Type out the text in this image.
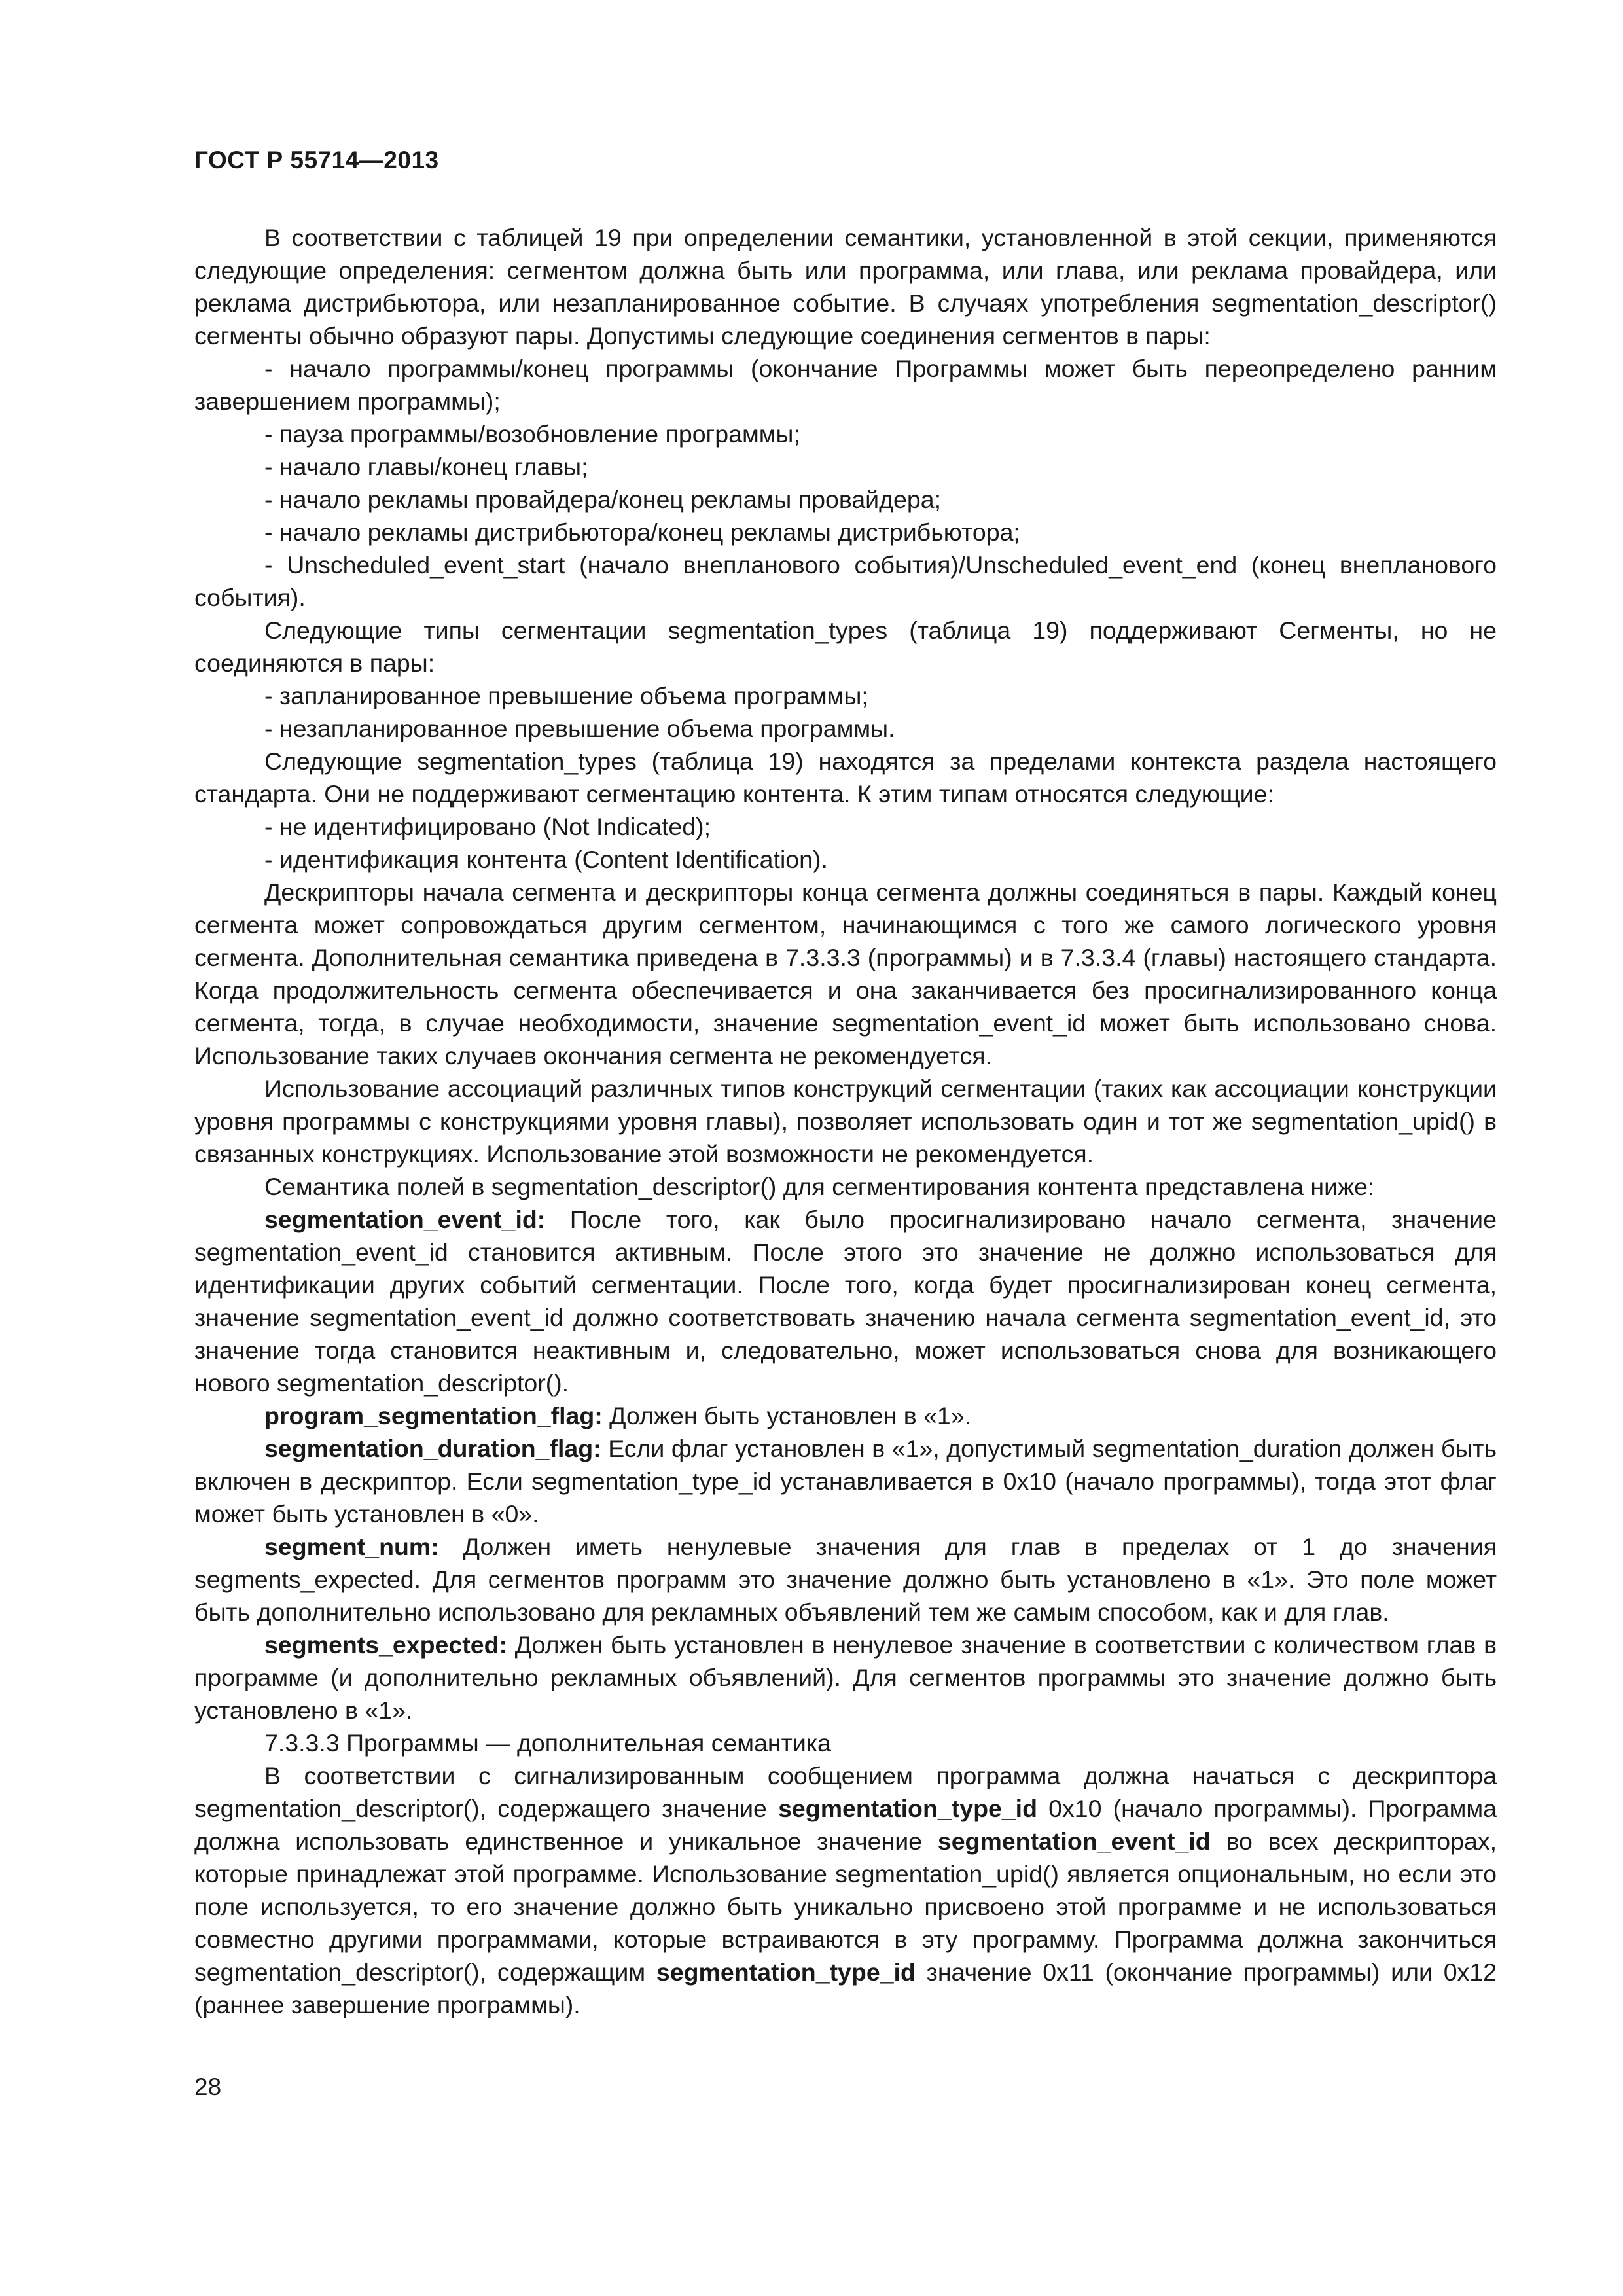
ГОСТ Р 55714—2013

В соответствии с таблицей 19 при определении семантики, установленной в этой секции, применяются следующие определения: сегментом должна быть или программа, или глава, или реклама провайдера, или реклама дистрибьютора, или незапланированное событие. В случаях употребления segmentation_descriptor() сегменты обычно образуют пары. Допустимы следующие соединения сегментов в пары:

- начало программы/конец программы (окончание Программы может быть переопределено ранним завершением программы);

- пауза программы/возобновление программы;

- начало главы/конец главы;

- начало рекламы провайдера/конец рекламы провайдера;

- начало рекламы дистрибьютора/конец рекламы дистрибьютора;

- Unscheduled_event_start (начало внепланового события)/Unscheduled_event_end (конец внепланового события).

Следующие типы сегментации segmentation_types (таблица 19) поддерживают Сегменты, но не соединяются в пары:

- запланированное превышение объема программы;

- незапланированное превышение объема программы.

Следующие segmentation_types (таблица 19) находятся за пределами контекста раздела настоящего стандарта. Они не поддерживают сегментацию контента. К этим типам относятся следующие:

- не идентифицировано (Not Indicated);

- идентификация контента (Content Identification).

Дескрипторы начала сегмента и дескрипторы конца сегмента должны соединяться в пары. Каждый конец сегмента может сопровождаться другим сегментом, начинающимся с того же самого логического уровня сегмента. Дополнительная семантика приведена в 7.3.3.3 (программы) и в 7.3.3.4 (главы) настоящего стандарта. Когда продолжительность сегмента обеспечивается и она заканчивается без просигнализированного конца сегмента, тогда, в случае необходимости, значение segmentation_event_id может быть использовано снова. Использование таких случаев окончания сегмента не рекомендуется.

Использование ассоциаций различных типов конструкций сегментации (таких как ассоциации конструкции уровня программы с конструкциями уровня главы), позволяет использовать один и тот же segmentation_upid() в связанных конструкциях. Использование этой возможности не рекомендуется.

Семантика полей в segmentation_descriptor() для сегментирования контента представлена ниже:

segmentation_event_id: После того, как было просигнализировано начало сегмента, значение segmentation_event_id становится активным. После этого это значение не должно использоваться для идентификации других событий сегментации. После того, когда будет просигнализирован конец сегмента, значение segmentation_event_id должно соответствовать значению начала сегмента segmentation_event_id, это значение тогда становится неактивным и, следовательно, может использоваться снова для возникающего нового segmentation_descriptor().

program_segmentation_flag: Должен быть установлен в «1».

segmentation_duration_flag: Если флаг установлен в «1», допустимый segmentation_duration должен быть включен в дескриптор. Если segmentation_type_id устанавливается в 0x10 (начало программы), тогда этот флаг может быть установлен в «0».

segment_num: Должен иметь ненулевые значения для глав в пределах от 1 до значения segments_expected. Для сегментов программ это значение должно быть установлено в «1». Это поле может быть дополнительно использовано для рекламных объявлений тем же самым способом, как и для глав.

segments_expected: Должен быть установлен в ненулевое значение в соответствии с количеством глав в программе (и дополнительно рекламных объявлений). Для сегментов программы это значение должно быть установлено в «1».

7.3.3.3 Программы — дополнительная семантика

В соответствии с сигнализированным сообщением программа должна начаться с дескриптора segmentation_descriptor(), содержащего значение segmentation_type_id 0x10 (начало программы). Программа должна использовать единственное и уникальное значение segmentation_event_id во всех дескрипторах, которые принадлежат этой программе. Использование segmentation_upid() является опциональным, но если это поле используется, то его значение должно быть уникально присвоено этой программе и не использоваться совместно другими программами, которые встраиваются в эту программу. Программа должна закончиться segmentation_descriptor(), содержащим segmentation_type_id значение 0x11 (окончание программы) или 0x12 (раннее завершение программы).

28
